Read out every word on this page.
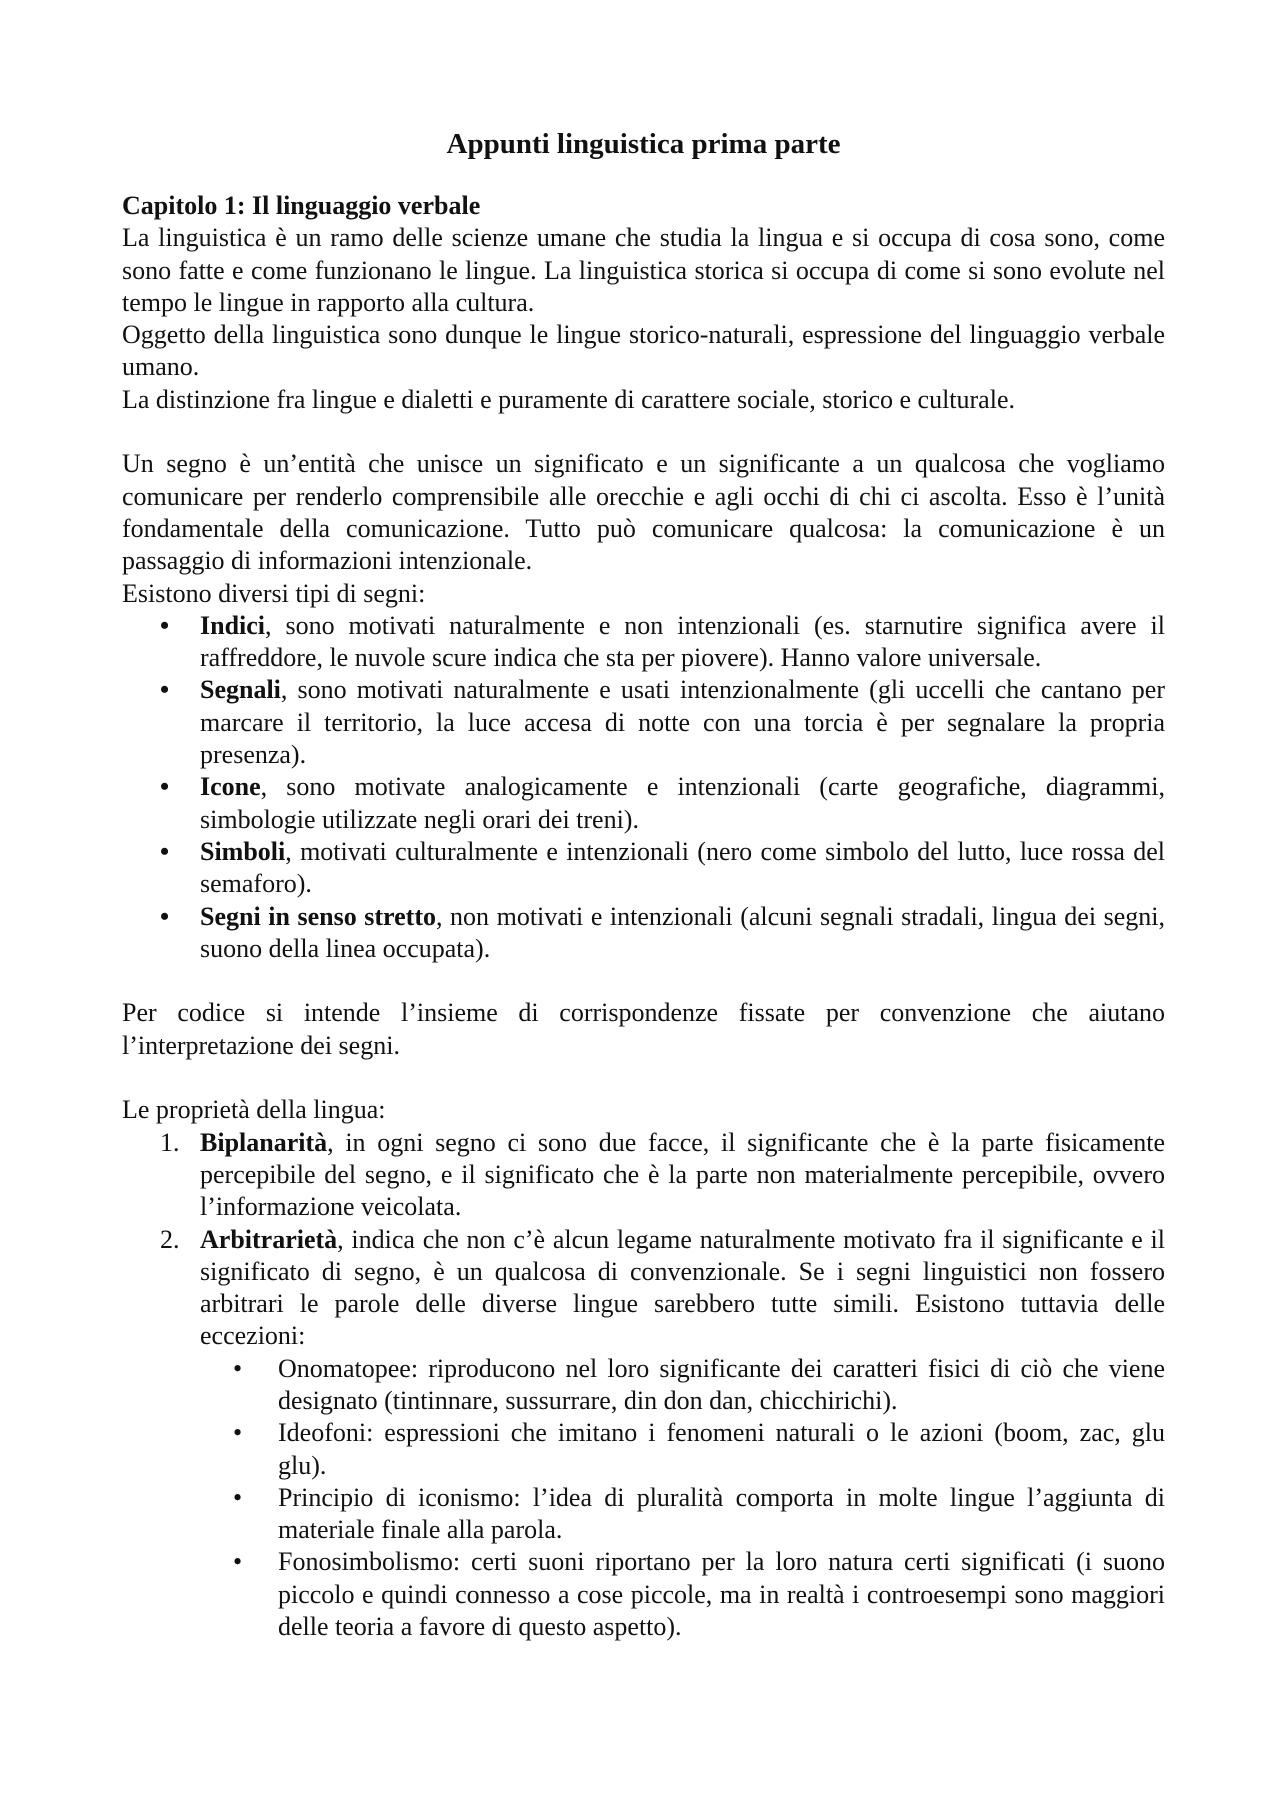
Appunti linguistica prima parte
Capitolo 1: Il linguaggio verbale

La linguistica è un ramo delle scienze umane che studia la lingua e si occupa di cosa sono, come sono fatte e come funzionano le lingue. La linguistica storica si occupa di come si sono evolute nel tempo le lingue in rapporto alla cultura.

Oggetto della linguistica sono dunque le lingue storico-naturali, espressione del linguaggio verbale umano.

La distinzione fra lingue e dialetti e puramente di carattere sociale, storico e culturale.

Un segno è un’entità che unisce un significato e un significante a un qualcosa che vogliamo comunicare per renderlo comprensibile alle orecchie e agli occhi di chi ci ascolta. Esso è l’unità fondamentale della comunicazione. Tutto può comunicare qualcosa: la comunicazione è un passaggio di informazioni intenzionale.

Esistono diversi tipi di segni:

• Indici, sono motivati naturalmente e non intenzionali (es. starnutire significa avere il raffreddore, le nuvole scure indica che sta per piovere). Hanno valore universale.
• Segnali, sono motivati naturalmente e usati intenzionalmente (gli uccelli che cantano per marcare il territorio, la luce accesa di notte con una torcia è per segnalare la propria presenza).
• Icone, sono motivate analogicamente e intenzionali (carte geografiche, diagrammi, simbologie utilizzate negli orari dei treni).
• Simboli, motivati culturalmente e intenzionali (nero come simbolo del lutto, luce rossa del semaforo).
• Segni in senso stretto, non motivati e intenzionali (alcuni segnali stradali, lingua dei segni, suono della linea occupata).

Per codice si intende l’insieme di corrispondenze fissate per convenzione che aiutano l’interpretazione dei segni.

Le proprietà della lingua:

1. Biplanarità, in ogni segno ci sono due facce, il significante che è la parte fisicamente percepibile del segno, e il significato che è la parte non materialmente percepibile, ovvero l’informazione veicolata.
2. Arbitrarietà, indica che non c’è alcun legame naturalmente motivato fra il significante e il significato di segno, è un qualcosa di convenzionale. Se i segni linguistici non fossero arbitrari le parole delle diverse lingue sarebbero tutte simili. Esistono tuttavia delle eccezioni:
• Onomatopee: riproducono nel loro significante dei caratteri fisici di ciò che viene designato (tintinnare, sussurrare, din don dan, chicchirichi).
• Ideofoni: espressioni che imitano i fenomeni naturali o le azioni (boom, zac, glu glu).
• Principio di iconismo: l’idea di pluralità comporta in molte lingue l’aggiunta di materiale finale alla parola.
• Fonosimbolismo: certi suoni riportano per la loro natura certi significati (i suono piccolo e quindi connesso a cose piccole, ma in realtà i controesempi sono maggiori delle teoria a favore di questo aspetto).
